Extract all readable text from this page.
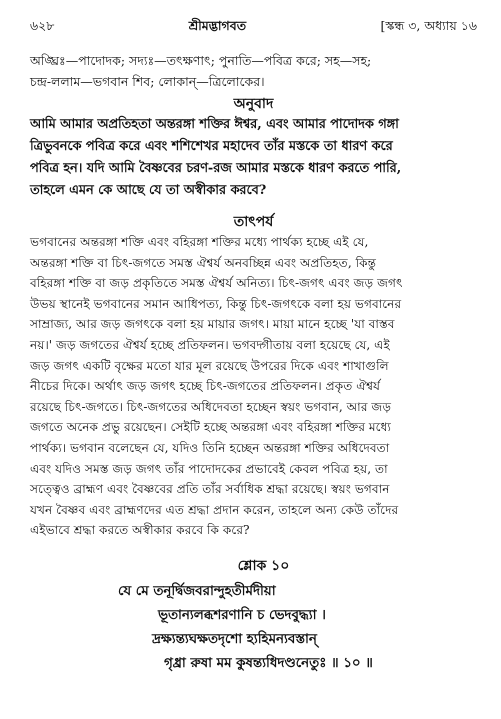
৬২৮	শ্রীমদ্ভাগবত	[স্কন্ধ ৩, অধ্যায় ১৬
অঙ্ঘ্রিঃ—পাদোদক; সদ্যঃ—তৎক্ষণাৎ; পুনাতি—পবিত্র করে; সহ—সহ;
চন্দ্র-ললাম—ভগবান শিব; লোকান্—ত্রিলোকের।
অনুবাদ

আমি আমার অপ্রতিহতা অন্তরঙ্গা শক্তির ঈশ্বর, এবং আমার পাদোদক গঙ্গা

ত্রিভুবনকে পবিত্র করে এবং শশিশেখর মহাদেব তাঁর মস্তকে তা ধারণ করে

পবিত্র হন। যদি আমি বৈষ্ণবের চরণ-রজ আমার মস্তকে ধারণ করতে পারি,

তাহলে এমন কে আছে যে তা অস্বীকার করবে?

তাৎপর্য

ভগবানের অন্তরঙ্গা শক্তি এবং বহিরঙ্গা শক্তির মধ্যে পার্থক্য হচ্ছে এই যে,

অন্তরঙ্গা শক্তি বা চিৎ-জগতে সমস্ত ঐশ্বর্য অনবচ্ছিন্ন এবং অপ্রতিহত, কিন্তু

বহিরঙ্গা শক্তি বা জড় প্রকৃতিতে সমস্ত ঐশ্বর্য অনিত্য। চিৎ-জগৎ এবং জড় জগৎ

উভয় স্থানেই ভগবানের সমান আধিপত্য, কিন্তু চিৎ-জগৎকে বলা হয় ভগবানের

সাম্রাজ্য, আর জড় জগৎকে বলা হয় মায়ার জগৎ। মায়া মানে হচ্ছে 'যা বাস্তব

নয়।' জড় জগতের ঐশ্বর্য হচ্ছে প্রতিফলন। ভগবদ্গীতায় বলা হয়েছে যে, এই

জড় জগৎ একটি বৃক্ষের মতো যার মূল রয়েছে উপরের দিকে এবং শাখাগুলি

নীচের দিকে। অর্থাৎ জড় জগৎ হচ্ছে চিৎ-জগতের প্রতিফলন। প্রকৃত ঐশ্বর্য

রয়েছে চিৎ-জগতে। চিৎ-জগতের অধিদেবতা হচ্ছেন স্বয়ং ভগবান, আর জড়

জগতে অনেক প্রভু রয়েছেন। সেইটি হচ্ছে অন্তরঙ্গা এবং বহিরঙ্গা শক্তির মধ্যে

পার্থক্য। ভগবান বলেছেন যে, যদিও তিনি হচ্ছেন অন্তরঙ্গা শক্তির অধিদেবতা

এবং যদিও সমস্ত জড় জগৎ তাঁর পাদোদকের প্রভাবেই কেবল পবিত্র হয়, তা

সত্ত্বেও ব্রাহ্মণ এবং বৈষ্ণবের প্রতি তাঁর সর্বাধিক শ্রদ্ধা রয়েছে। স্বয়ং ভগবান

যখন বৈষ্ণব এবং ব্রাহ্মণদের এত শ্রদ্ধা প্রদান করেন, তাহলে অন্য কেউ তাঁদের

এইভাবে শ্রদ্ধা করতে অস্বীকার করবে কি করে?

শ্লোক ১০
যে মে তনূর্দ্বিজবরান্দুহতীর্মদীয়া
ভূতান্যলব্ধশরণানি চ ভেদবুদ্ধ্যা ।
দ্রক্ষ্যন্ত্যঘক্ষতদৃশো হ্যহিমন্যবস্তান্
গৃধ্রা রুষা মম কুষন্ত্যধিদণ্ডনেতুঃ ॥ ১০ ॥
